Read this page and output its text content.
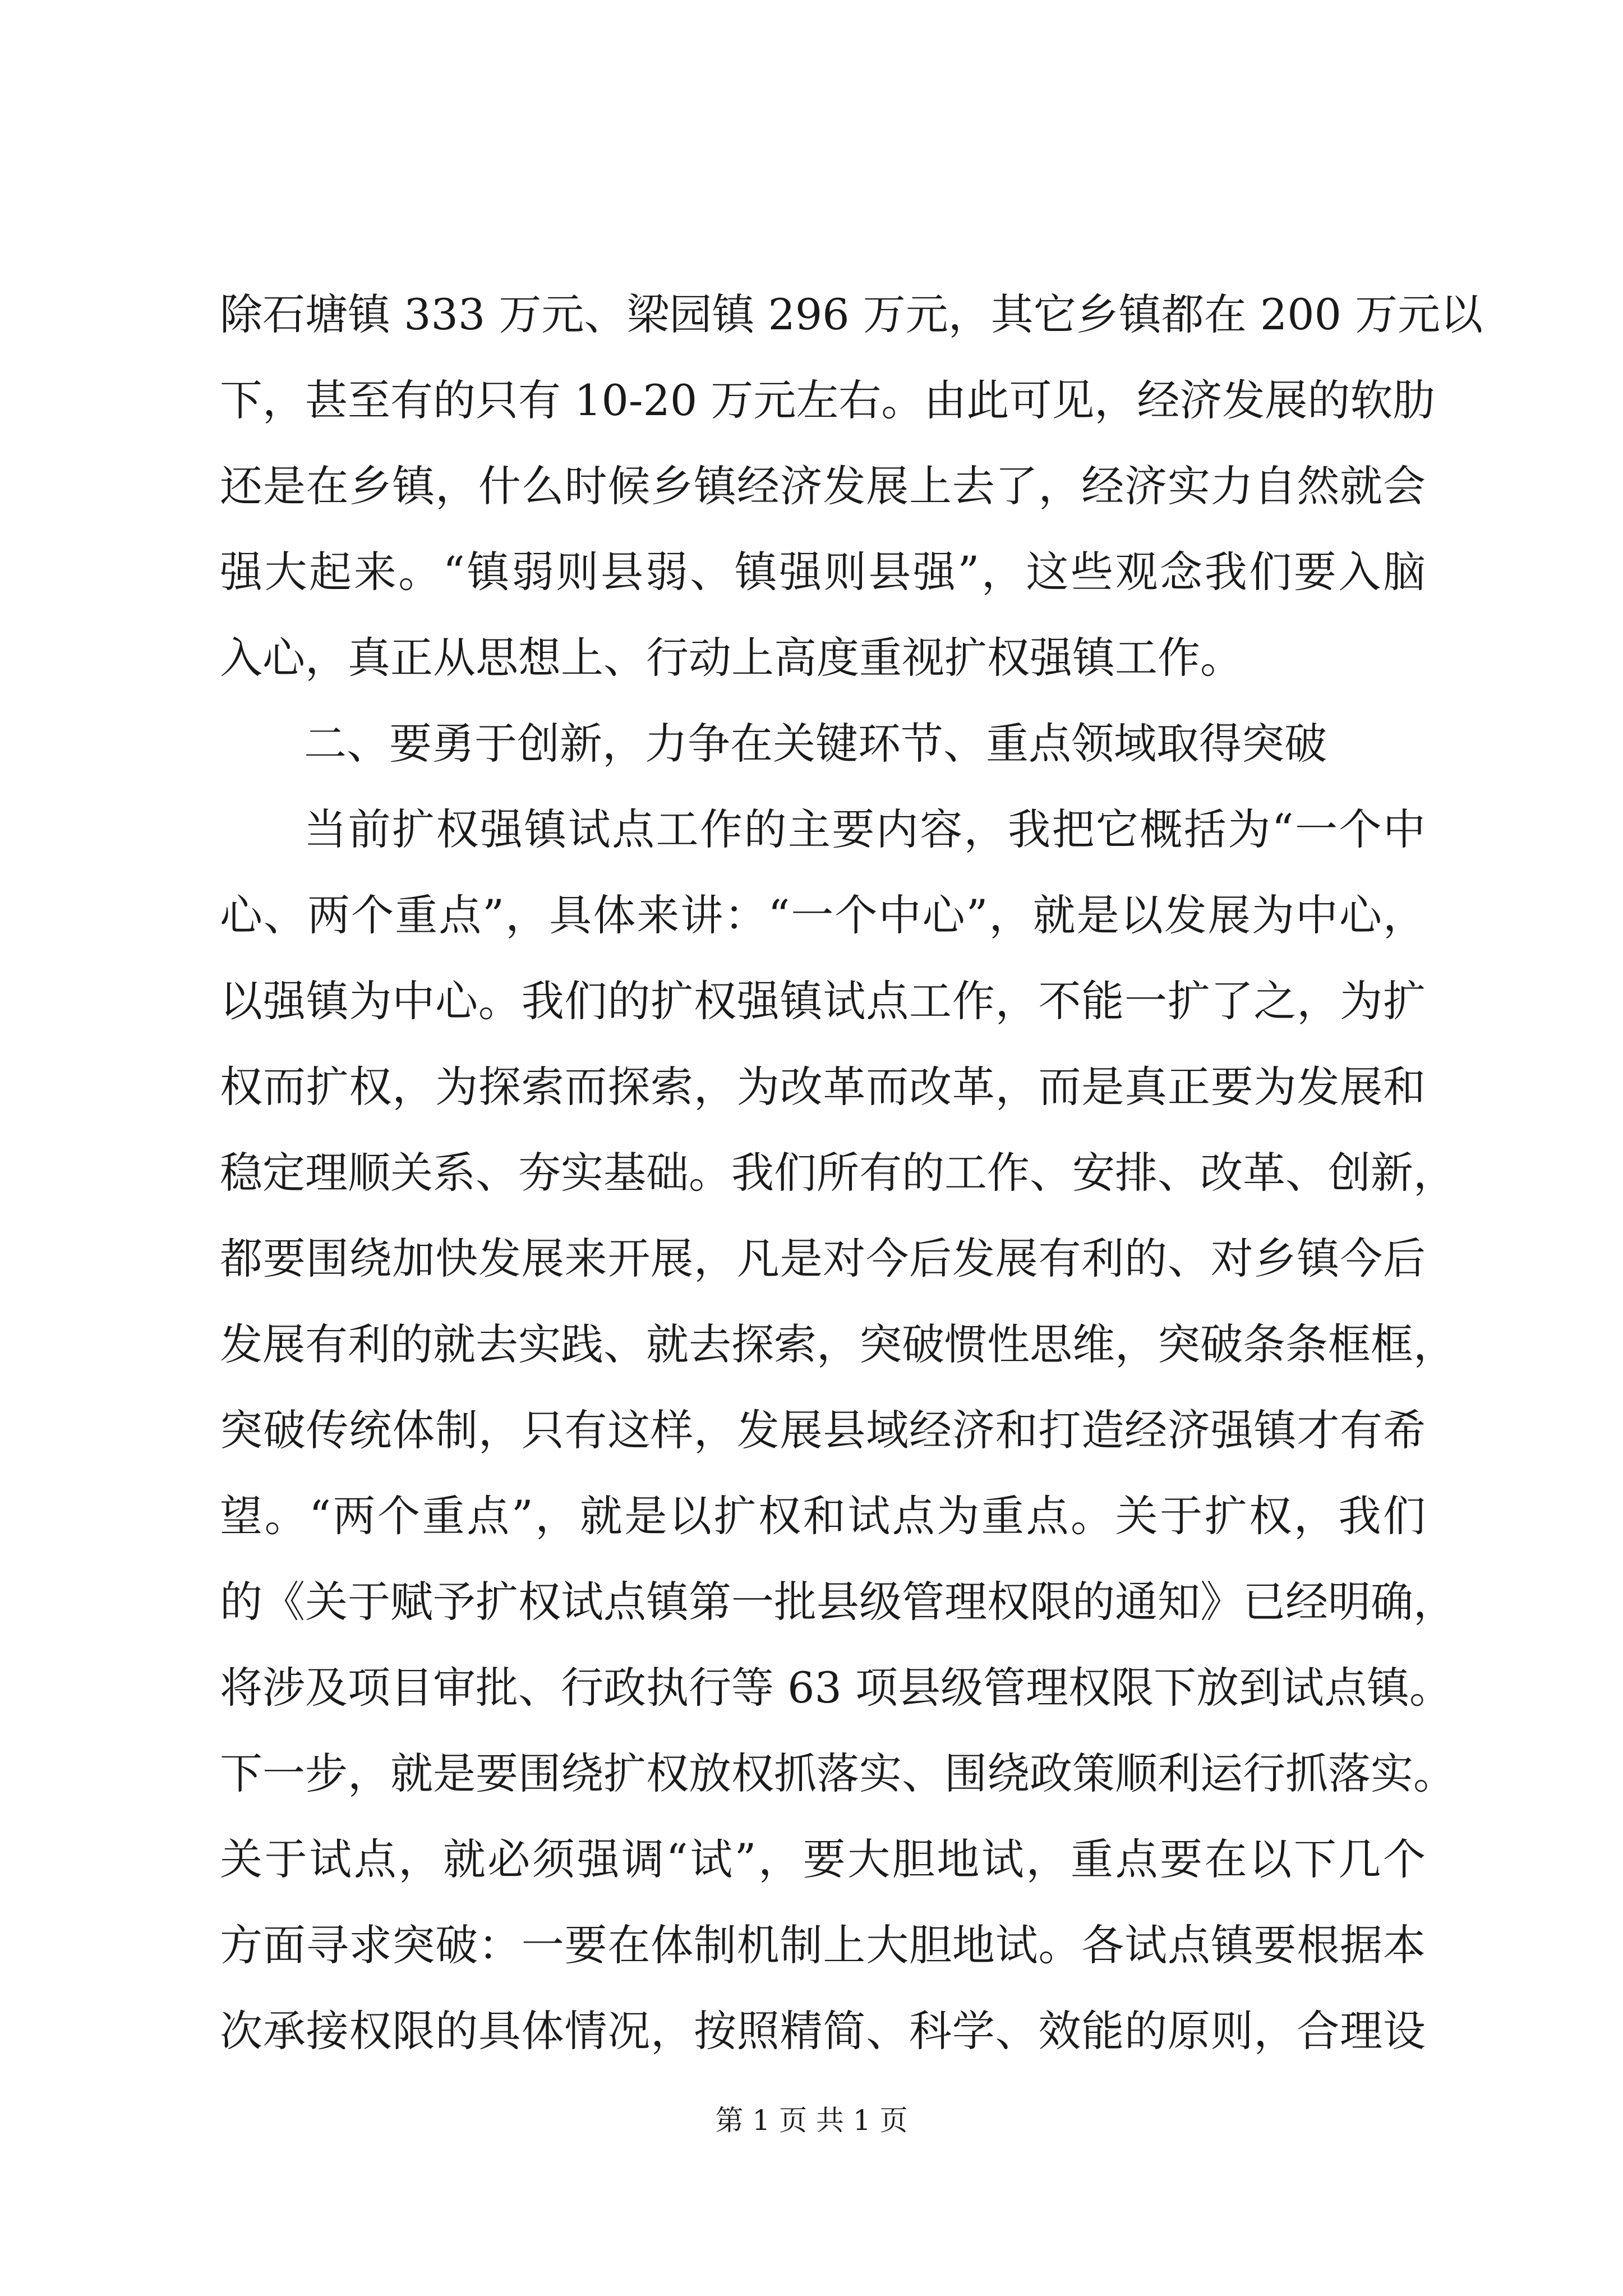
除石塘镇 333 万元、梁园镇 296 万元，其它乡镇都在 200 万元以
下，甚至有的只有 10-20 万元左右。由此可见，经济发展的软肋
还是在乡镇，什么时候乡镇经济发展上去了，经济实力自然就会
强大起来。“镇弱则县弱、镇强则县强”，这些观念我们要入脑
入心，真正从思想上、行动上高度重视扩权强镇工作。
二、要勇于创新，力争在关键环节、重点领域取得突破
当前扩权强镇试点工作的主要内容，我把它概括为“一个中
心、两个重点”，具体来讲：“一个中心”，就是以发展为中心，
以强镇为中心。我们的扩权强镇试点工作，不能一扩了之，为扩
权而扩权，为探索而探索，为改革而改革，而是真正要为发展和
稳定理顺关系、夯实基础。我们所有的工作、安排、改革、创新，
都要围绕加快发展来开展，凡是对今后发展有利的、对乡镇今后
发展有利的就去实践、就去探索，突破惯性思维，突破条条框框，
突破传统体制，只有这样，发展县域经济和打造经济强镇才有希
望。“两个重点”，就是以扩权和试点为重点。关于扩权，我们
的《关于赋予扩权试点镇第一批县级管理权限的通知》已经明确，
将涉及项目审批、行政执行等 63 项县级管理权限下放到试点镇。
下一步，就是要围绕扩权放权抓落实、围绕政策顺利运行抓落实。
关于试点，就必须强调“试”，要大胆地试，重点要在以下几个
方面寻求突破：一要在体制机制上大胆地试。各试点镇要根据本
次承接权限的具体情况，按照精简、科学、效能的原则，合理设
第 1 页 共 1 页
